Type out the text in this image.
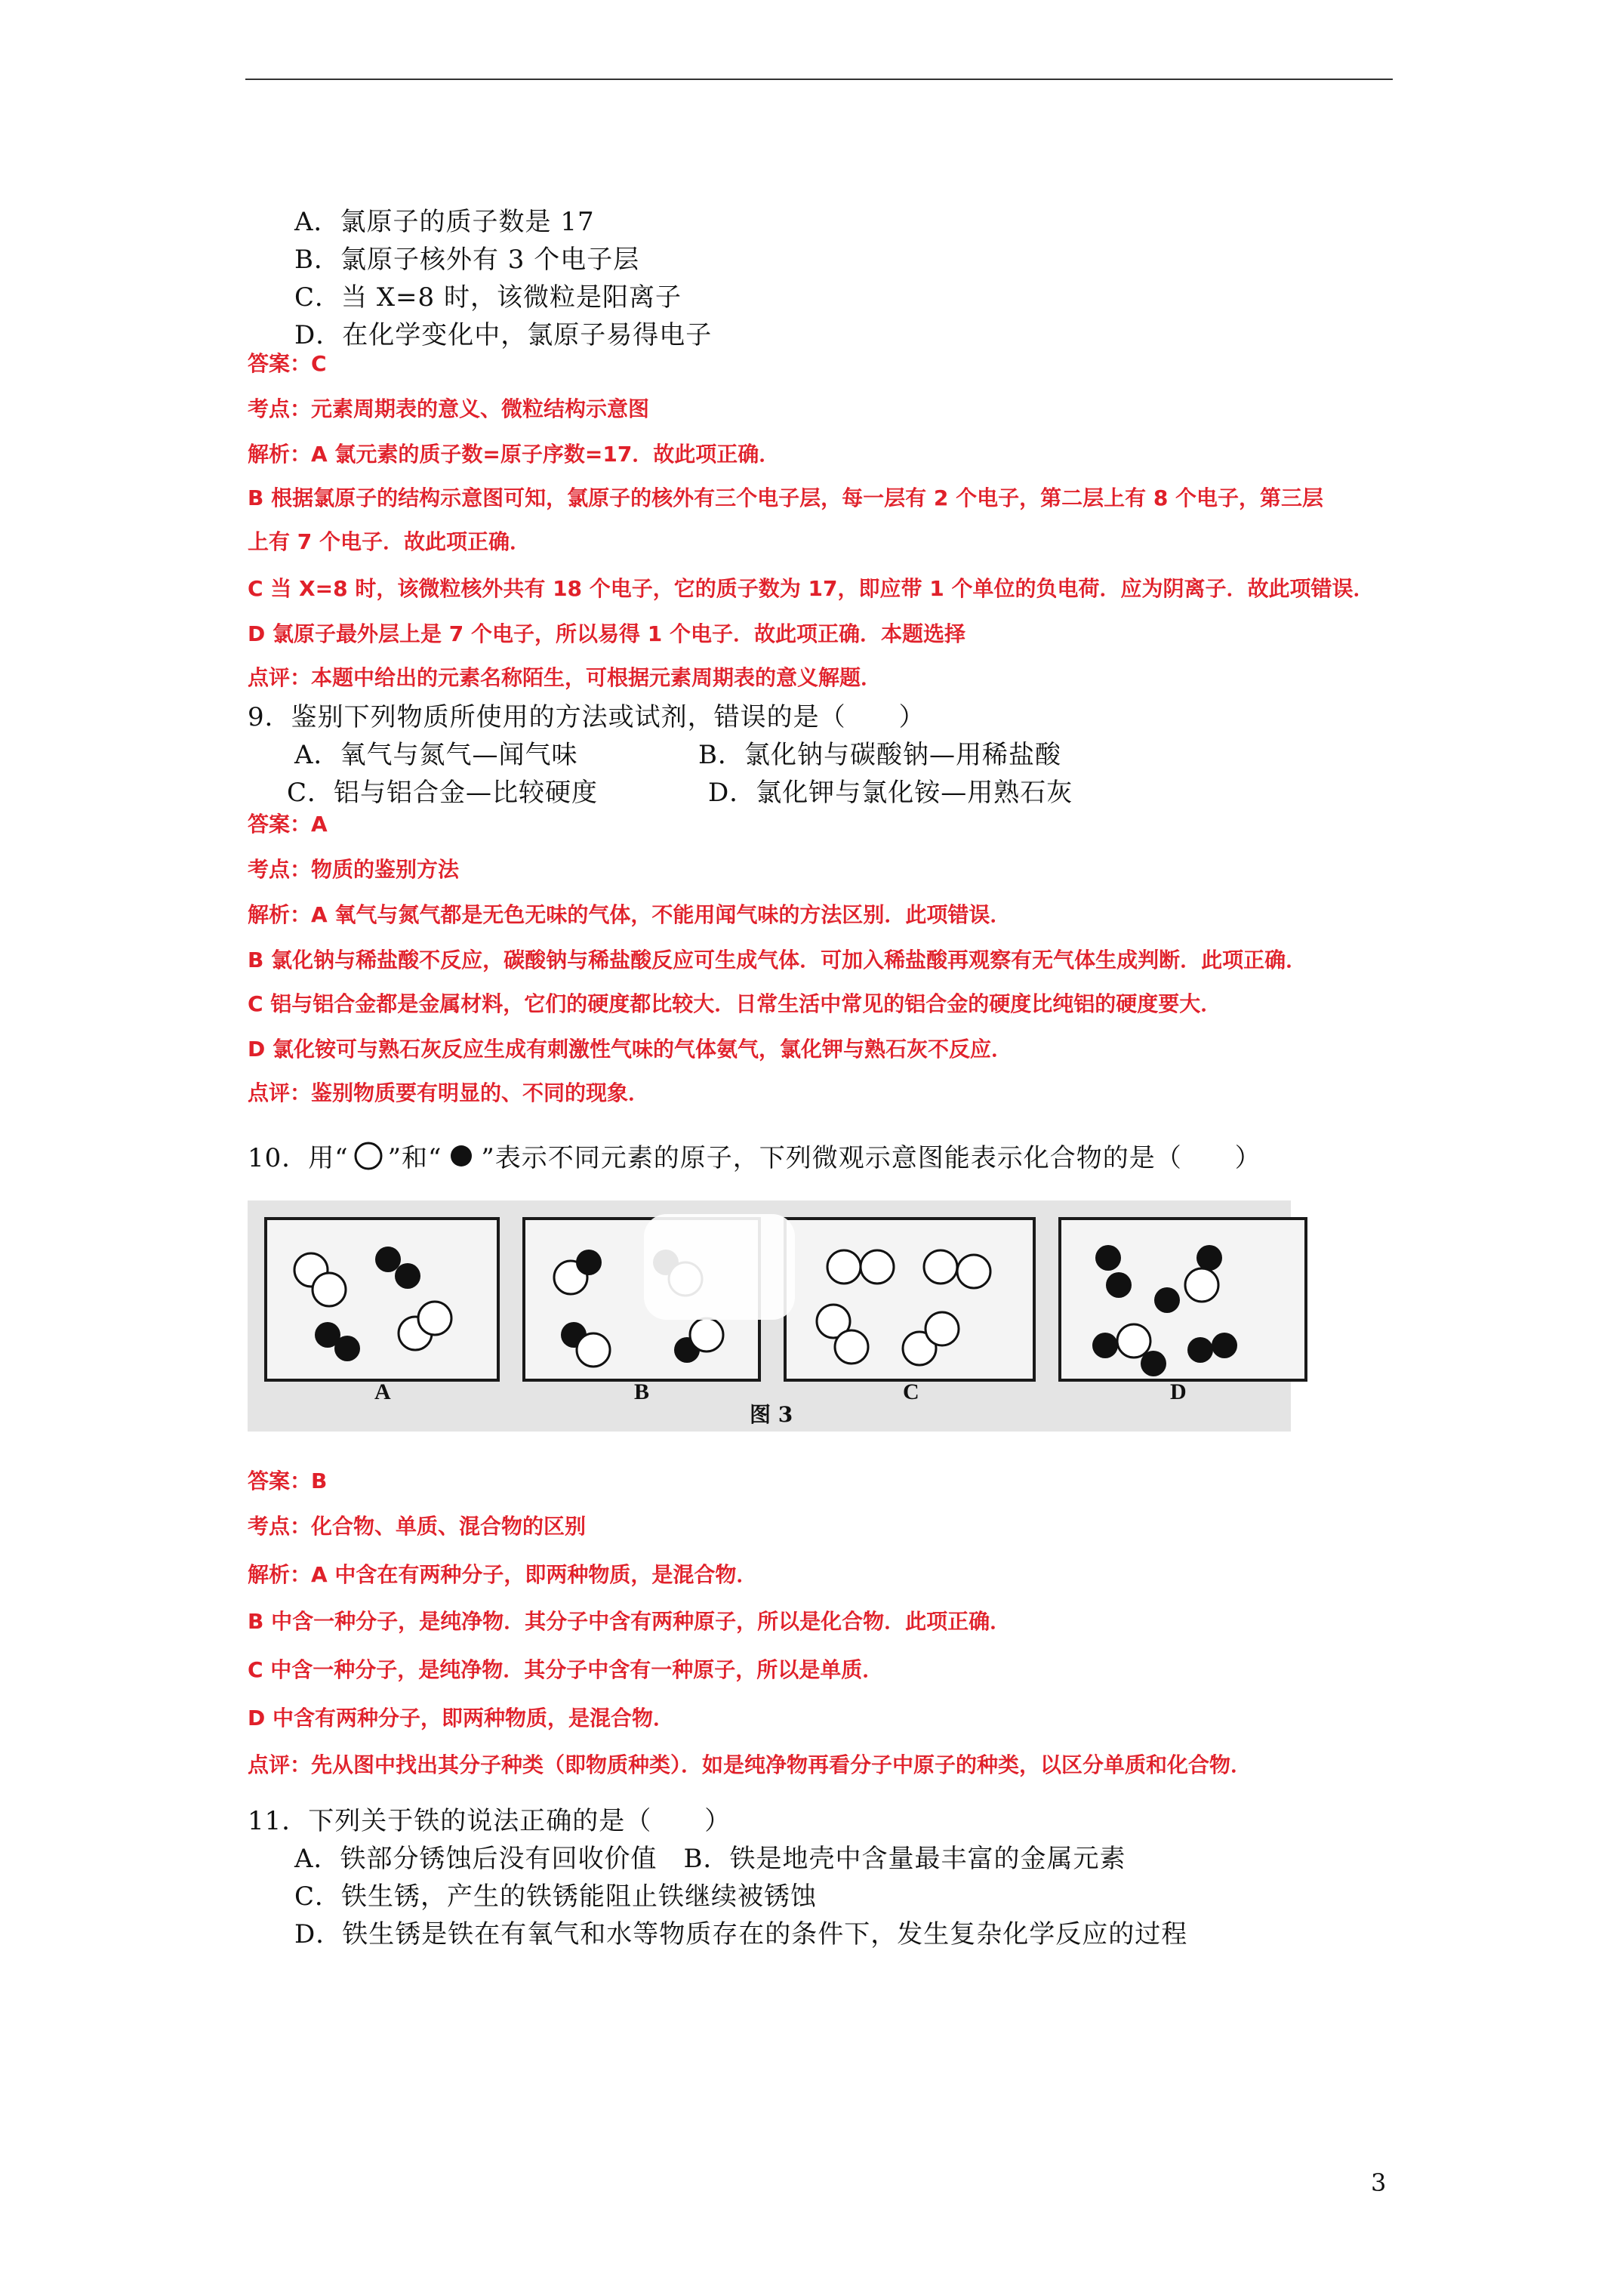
A．氯原子的质子数是 17
B．氯原子核外有 3 个电子层
C．当 X=8 时，该微粒是阳离子
D．在化学变化中，氯原子易得电子
答案：C
考点：元素周期表的意义、微粒结构示意图
解析：A 氯元素的质子数=原子序数=17．故此项正确．
B 根据氯原子的结构示意图可知，氯原子的核外有三个电子层，每一层有 2 个电子，第二层上有 8 个电子，第三层
上有 7 个电子．故此项正确．
C 当 X=8 时，该微粒核外共有 18 个电子，它的质子数为 17，即应带 1 个单位的负电荷．应为阴离子．故此项错误．
D 氯原子最外层上是 7 个电子，所以易得 1 个电子．故此项正确．本题选择
点评：本题中给出的元素名称陌生，可根据元素周期表的意义解题．
9．鉴别下列物质所使用的方法或试剂，错误的是（　　）
A．氧气与氮气—闻气味	B．氯化钠与碳酸钠—用稀盐酸
C．铝与铝合金—比较硬度	D．氯化钾与氯化铵—用熟石灰
答案：A
考点：物质的鉴别方法
解析：A 氧气与氮气都是无色无味的气体，不能用闻气味的方法区别．此项错误．
B 氯化钠与稀盐酸不反应，碳酸钠与稀盐酸反应可生成气体．可加入稀盐酸再观察有无气体生成判断．此项正确．
C 铝与铝合金都是金属材料，它们的硬度都比较大．日常生活中常见的铝合金的硬度比纯铝的硬度要大．
D 氯化铵可与熟石灰反应生成有刺激性气味的气体氨气，氯化钾与熟石灰不反应．
点评：鉴别物质要有明显的、不同的现象．
10．用“ ”和“ ”表示不同元素的原子，下列微观示意图能表示化合物的是（　　）
A	B	C	D
图 3
答案：B
考点：化合物、单质、混合物的区别
解析：A 中含在有两种分子，即两种物质，是混合物．
B 中含一种分子，是纯净物．其分子中含有两种原子，所以是化合物．此项正确．
C 中含一种分子，是纯净物．其分子中含有一种原子，所以是单质．
D 中含有两种分子，即两种物质，是混合物．
点评：先从图中找出其分子种类（即物质种类）．如是纯净物再看分子中原子的种类，以区分单质和化合物．
11．下列关于铁的说法正确的是（　　）
A．铁部分锈蚀后没有回收价值　B．铁是地壳中含量最丰富的金属元素
C．铁生锈，产生的铁锈能阻止铁继续被锈蚀
D．铁生锈是铁在有氧气和水等物质存在的条件下，发生复杂化学反应的过程
3
